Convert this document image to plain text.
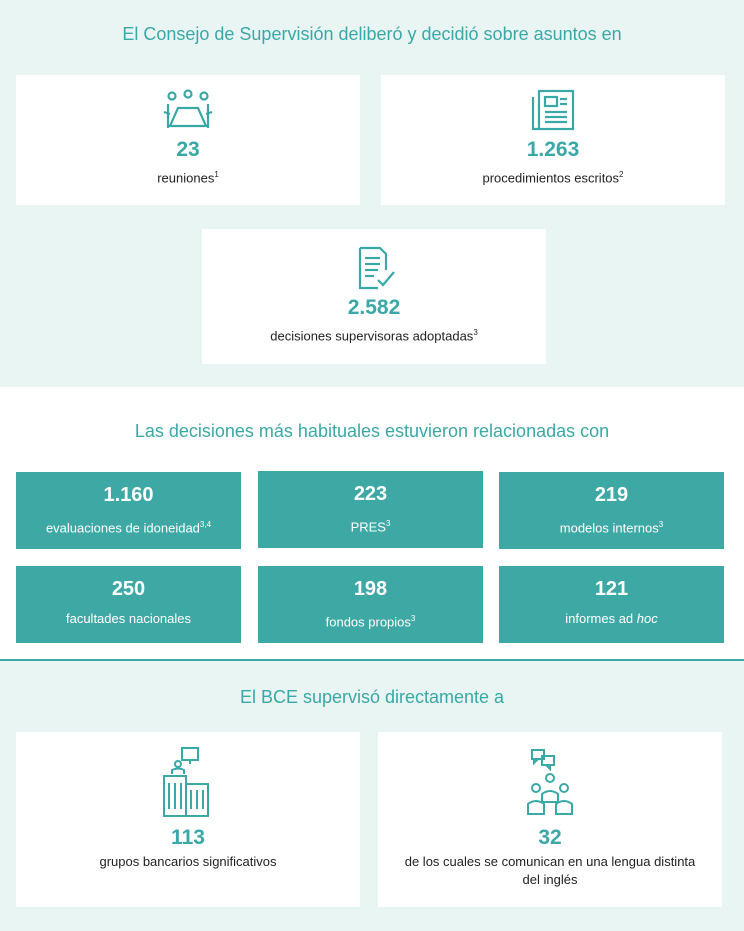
El Consejo de Supervisión deliberó y decidió sobre asuntos en
23
reuniones$^1$
1.263
procedimientos escritos$^2$
2.582
decisiones supervisoras adoptadas$^3$
Las decisiones más habituales estuvieron relacionadas con
1.160
evaluaciones de idoneidad$^{3,4}$
223
PRES$^3$
219
modelos internos$^3$
250
facultades nacionales
198
fondos propios$^3$
121
informes ad hoc
El BCE supervisó directamente a
113
grupos bancarios significativos
32
de los cuales se comunican en una lengua distinta
del inglés
